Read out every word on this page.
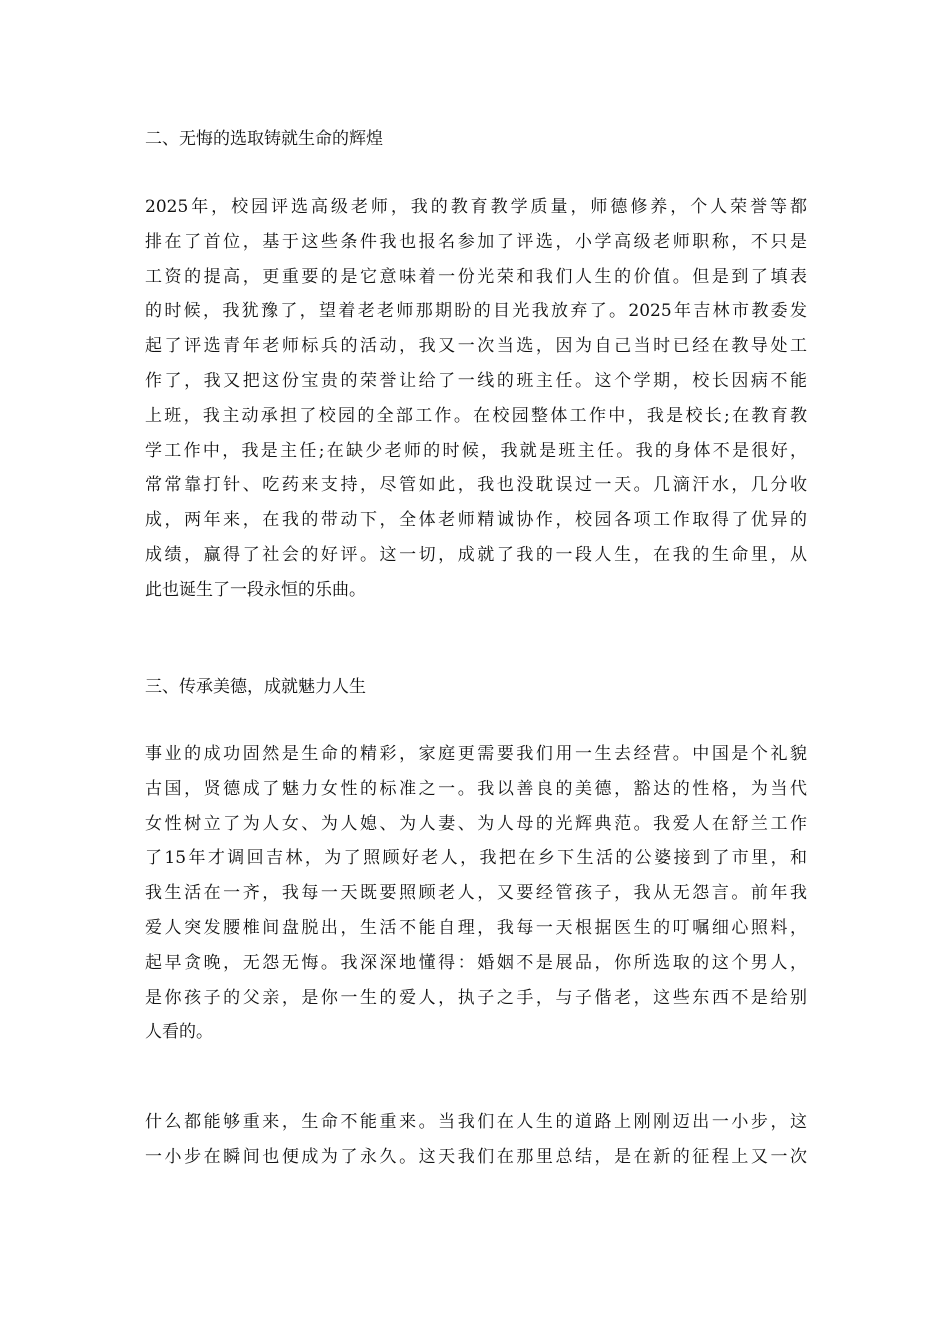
二、无悔的选取铸就生命的辉煌
2025年，校园评选高级老师，我的教育教学质量，师德修养，个人荣誉等都
排在了首位，基于这些条件我也报名参加了评选，小学高级老师职称，不只是
工资的提高，更重要的是它意味着一份光荣和我们人生的价值。但是到了填表
的时候，我犹豫了，望着老老师那期盼的目光我放弃了。2025年吉林市教委发
起了评选青年老师标兵的活动，我又一次当选，因为自己当时已经在教导处工
作了，我又把这份宝贵的荣誉让给了一线的班主任。这个学期，校长因病不能
上班，我主动承担了校园的全部工作。在校园整体工作中，我是校长;在教育教
学工作中，我是主任;在缺少老师的时候，我就是班主任。我的身体不是很好，
常常靠打针、吃药来支持，尽管如此，我也没耽误过一天。几滴汗水，几分收
成，两年来，在我的带动下，全体老师精诚协作，校园各项工作取得了优异的
成绩，赢得了社会的好评。这一切，成就了我的一段人生，在我的生命里，从
此也诞生了一段永恒的乐曲。
三、传承美德，成就魅力人生
事业的成功固然是生命的精彩，家庭更需要我们用一生去经营。中国是个礼貌
古国，贤德成了魅力女性的标准之一。我以善良的美德，豁达的性格，为当代
女性树立了为人女、为人媳、为人妻、为人母的光辉典范。我爱人在舒兰工作
了15年才调回吉林，为了照顾好老人，我把在乡下生活的公婆接到了市里，和
我生活在一齐，我每一天既要照顾老人，又要经管孩子，我从无怨言。前年我
爱人突发腰椎间盘脱出，生活不能自理，我每一天根据医生的叮嘱细心照料，
起早贪晚，无怨无悔。我深深地懂得：婚姻不是展品，你所选取的这个男人，
是你孩子的父亲，是你一生的爱人，执子之手，与子偕老，这些东西不是给别
人看的。
什么都能够重来，生命不能重来。当我们在人生的道路上刚刚迈出一小步，这
一小步在瞬间也便成为了永久。这天我们在那里总结，是在新的征程上又一次
